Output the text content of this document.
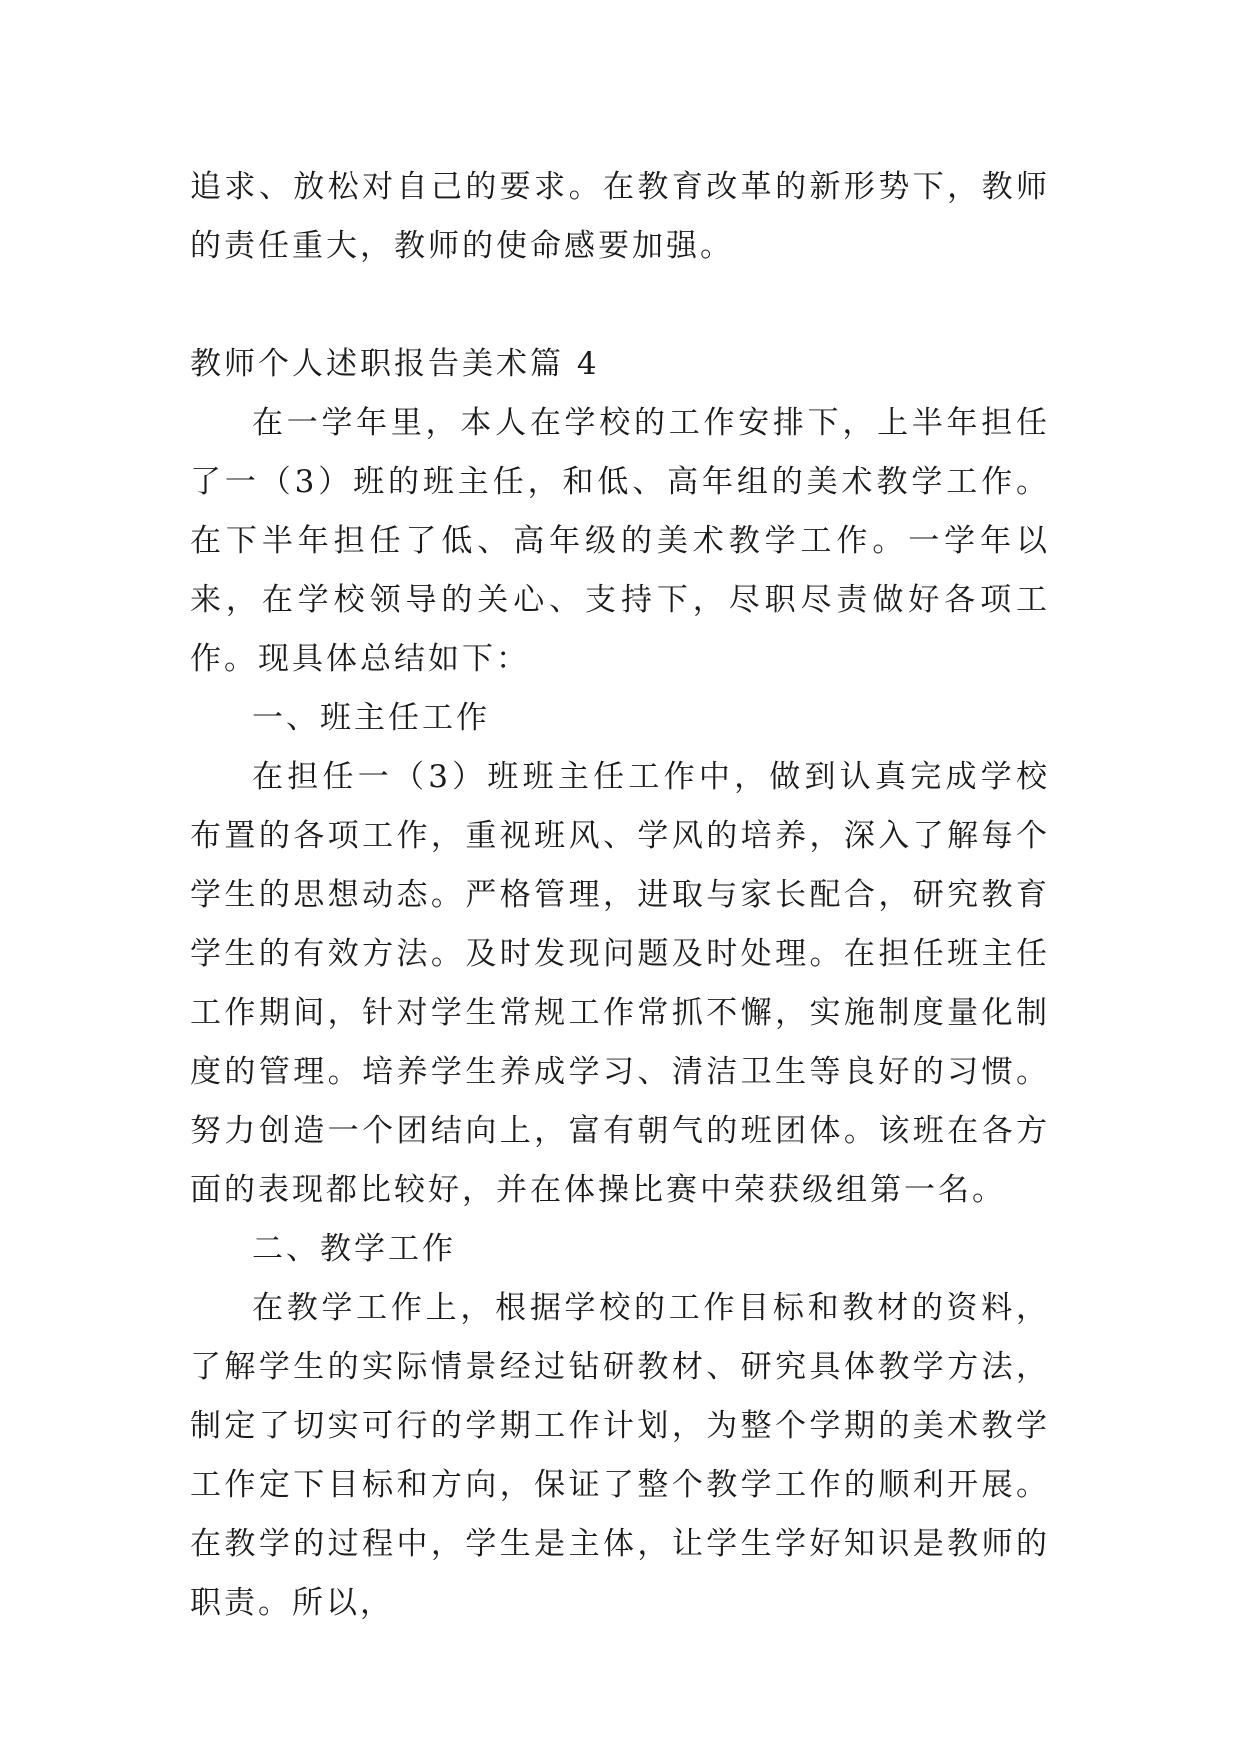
追求、放松对自己的要求。在教育改革的新形势下，教师的责任重大，教师的使命感要加强。

教师个人述职报告美术篇 4

在一学年里，本人在学校的工作安排下，上半年担任了一（3）班的班主任，和低、高年组的美术教学工作。在下半年担任了低、高年级的美术教学工作。一学年以来，在学校领导的关心、支持下，尽职尽责做好各项工作。现具体总结如下：

一、班主任工作

在担任一（3）班班主任工作中，做到认真完成学校布置的各项工作，重视班风、学风的培养，深入了解每个学生的思想动态。严格管理，进取与家长配合，研究教育学生的有效方法。及时发现问题及时处理。在担任班主任工作期间，针对学生常规工作常抓不懈，实施制度量化制度的管理。培养学生养成学习、清洁卫生等良好的习惯。努力创造一个团结向上，富有朝气的班团体。该班在各方面的表现都比较好，并在体操比赛中荣获级组第一名。

二、教学工作

在教学工作上，根据学校的工作目标和教材的资料，了解学生的实际情景经过钻研教材、研究具体教学方法，制定了切实可行的学期工作计划，为整个学期的美术教学工作定下目标和方向，保证了整个教学工作的顺利开展。在教学的过程中，学生是主体，让学生学好知识是教师的职责。所以，
